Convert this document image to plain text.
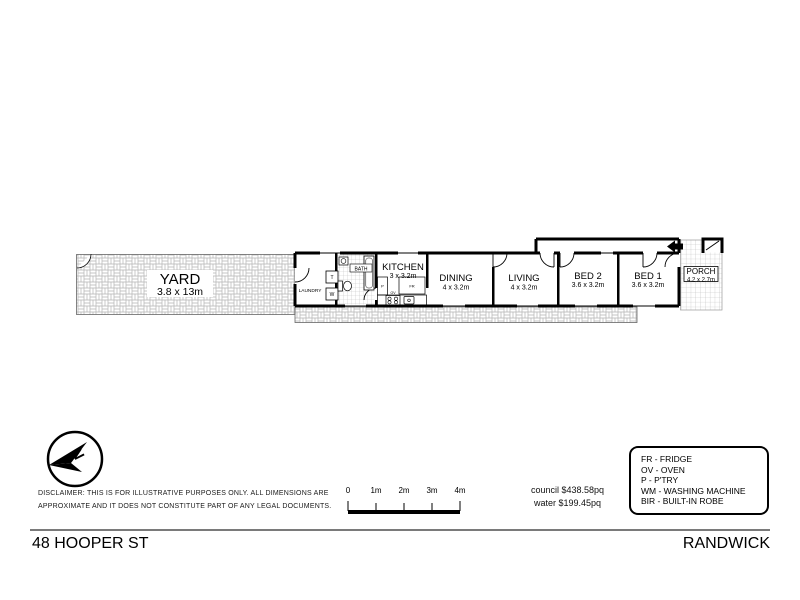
YARD
3.8 x 13m
PORCH
4.2 x 2.7m
T
W
LAUNDRY
BATH
FR
OV
P
KITCHEN
3 x 3.2m DINING
4 x 3.2m
LIVING
4 x 3.2m
BED 2
3.6 x 3.2m
BED 1
3.6 x 3.2m
N
DISCLAIMER: THIS IS FOR ILLUSTRATIVE PURPOSES ONLY. ALL DIMENSIONS ARE
APPROXIMATE AND IT DOES NOT CONSTITUTE PART OF ANY LEGAL DOCUMENTS.
0	1m 2m 3m 4m	council $438.58pq
water $199.45pq
FR - FRIDGE
OV - OVEN
P - P'TRY
WM - WASHING MACHINE
BIR - BUILT-IN ROBE
48 HOOPER ST	RANDWICK
